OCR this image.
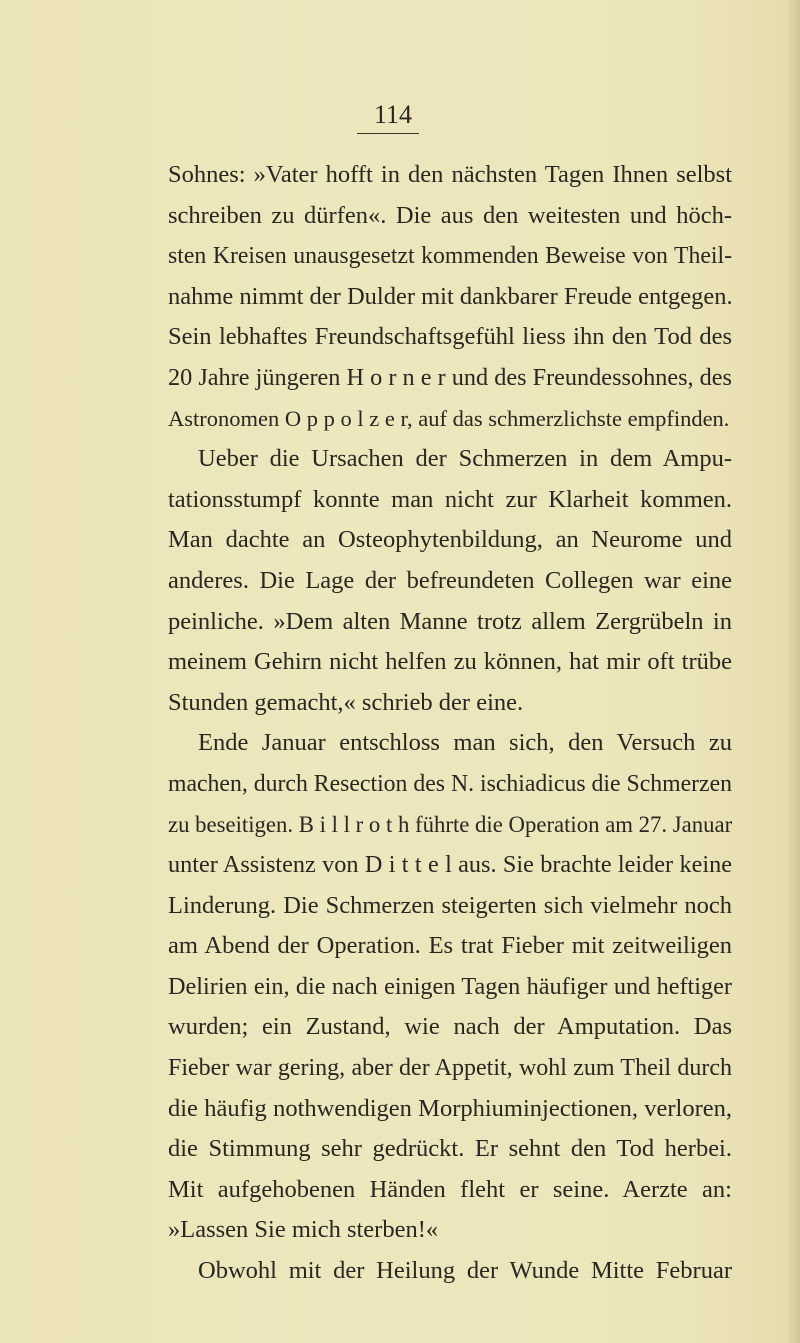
114
Sohnes: »Vater hofft in den nächsten Tagen Ihnen selbst
schreiben zu dürfen«. Die aus den weitesten und höch-
sten Kreisen unausgesetzt kommenden Beweise von Theil-
nahme nimmt der Dulder mit dankbarer Freude entgegen.
Sein lebhaftes Freundschaftsgefühl liess ihn den Tod des
20 Jahre jüngeren H o r n e r und des Freundessohnes, des
Astronomen O p p o l z e r, auf das schmerzlichste empfinden.
Ueber die Ursachen der Schmerzen in dem Ampu-
tationsstumpf konnte man nicht zur Klarheit kommen.
Man dachte an Osteophytenbildung, an Neurome und
anderes. Die Lage der befreundeten Collegen war eine
peinliche. »Dem alten Manne trotz allem Zergrübeln in
meinem Gehirn nicht helfen zu können, hat mir oft trübe
Stunden gemacht,« schrieb der eine.
Ende Januar entschloss man sich, den Versuch zu
machen, durch Resection des N. ischiadicus die Schmerzen
zu beseitigen. B i l l r o t h führte die Operation am 27. Januar
unter Assistenz von D i t t e l aus. Sie brachte leider keine
Linderung. Die Schmerzen steigerten sich vielmehr noch
am Abend der Operation. Es trat Fieber mit zeitweiligen
Delirien ein, die nach einigen Tagen häufiger und heftiger
wurden; ein Zustand, wie nach der Amputation. Das
Fieber war gering, aber der Appetit, wohl zum Theil durch
die häufig nothwendigen Morphiuminjectionen, verloren,
die Stimmung sehr gedrückt. Er sehnt den Tod herbei.
Mit aufgehobenen Händen fleht er seine. Aerzte an:
»Lassen Sie mich sterben!«
Obwohl mit der Heilung der Wunde Mitte Februar
